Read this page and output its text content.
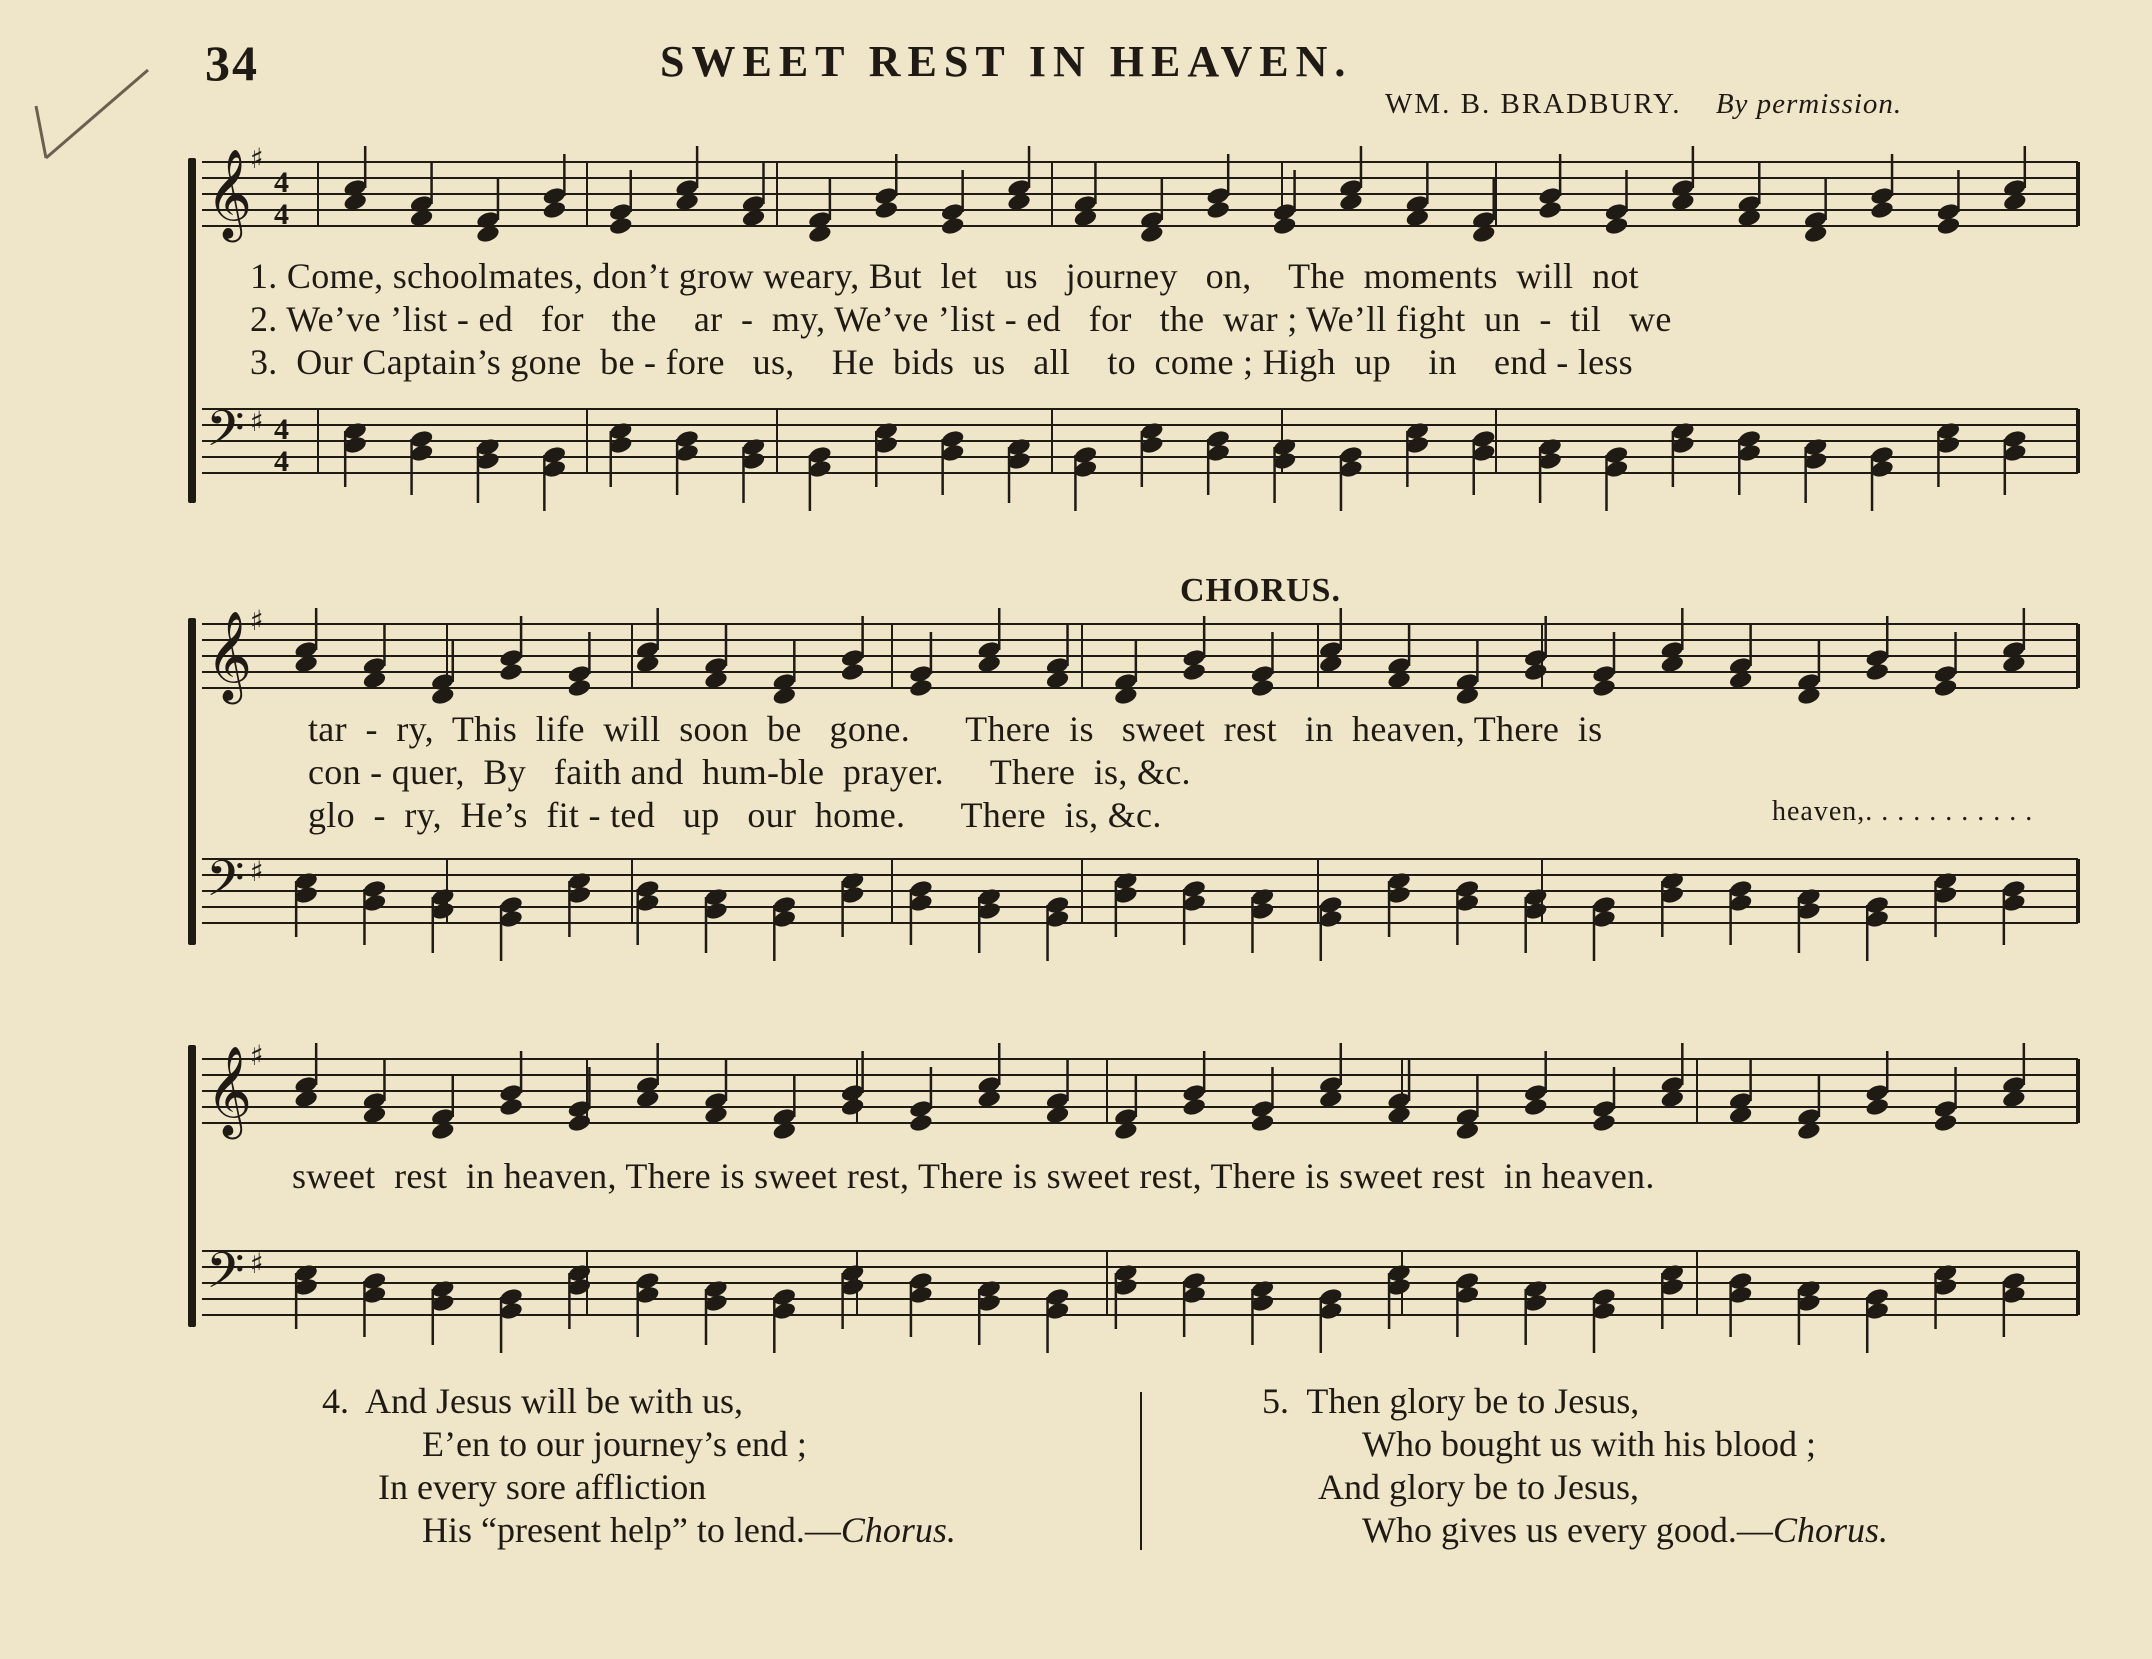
34	SWEET REST IN HEAVEN.
WM. B. BRADBURY. By permission.
𝄞
♯
4
4
𝄢 ♯ 4
4
1. Come, schoolmates, don’t grow weary, But  let   us   journey   on,    The  moments  will  not
2. We’ve ’list - ed   for   the    ar  -  my, We’ve ’list - ed   for   the  war ; We’ll fight  un  -  til   we
3.  Our Captain’s gone  be - fore   us,    He  bids  us   all    to  come ; High  up    in    end - less
𝄞
♯
𝄢 ♯
CHORUS.
tar  -  ry,  This  life  will  soon  be   gone.      There  is   sweet  rest   in  heaven, There  is
con - quer,  By   faith and  hum-ble  prayer.     There  is, &c.
glo  -  ry,  He’s  fit - ted   up   our  home.      There  is, &c.	heaven,. . . . . . . . . . .
𝄞
♯
𝄢 ♯
sweet  rest  in heaven, There is sweet rest, There is sweet rest, There is sweet rest  in heaven.
4.  And Jesus will be with us,
E’en to our journey’s end ;
In every sore affliction
His “present help” to lend.—Chorus.
5.  Then glory be to Jesus,
Who bought us with his blood ;
And glory be to Jesus,
Who gives us every good.—Chorus.
